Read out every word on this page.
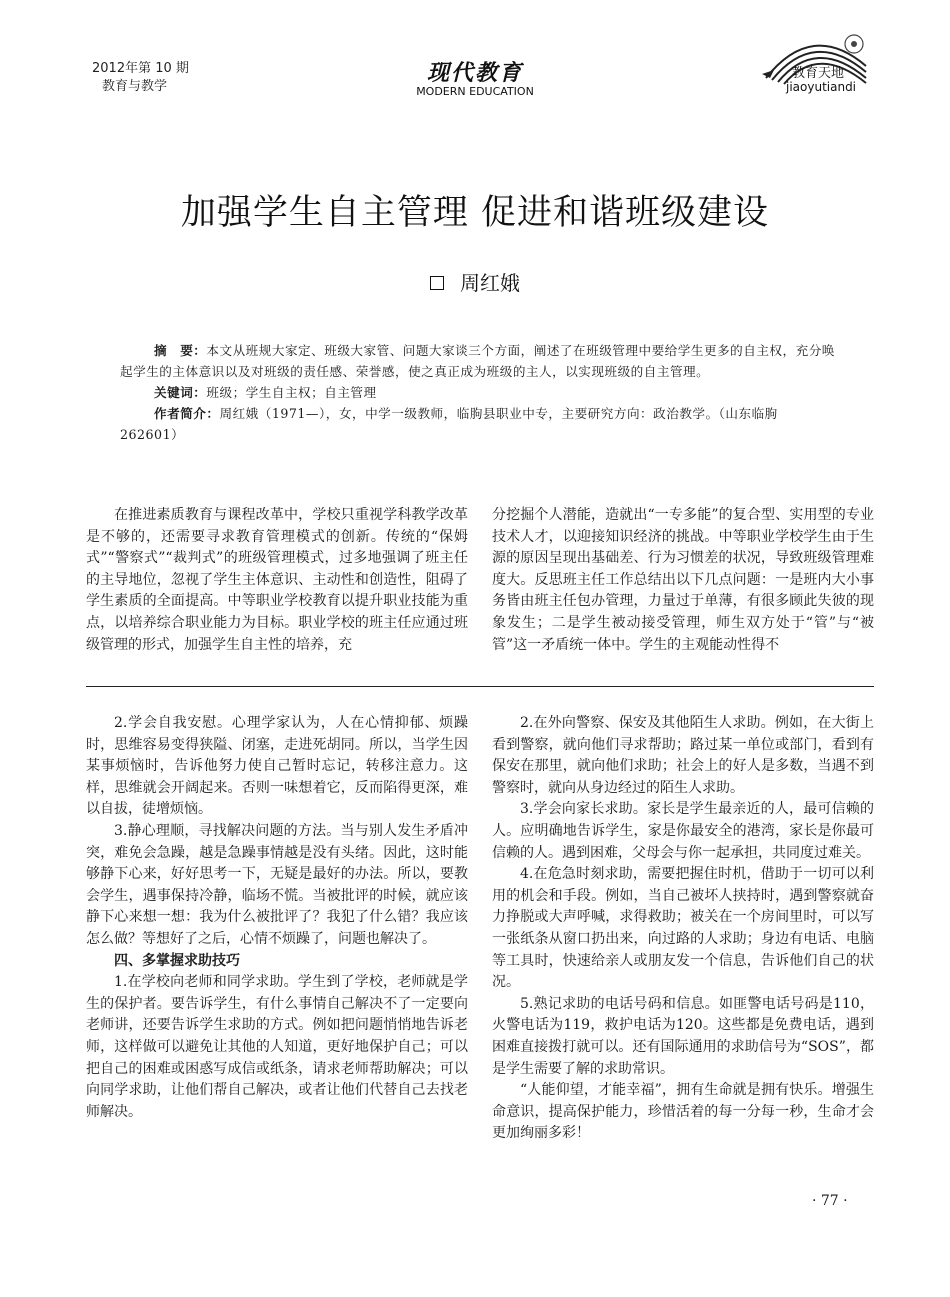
2012年第 10 期
教育与教学
现代教育
MODERN EDUCATION
教育天地
jiaoyutiandi
加强学生自主管理 促进和谐班级建设
周红娥

摘　要：本文从班规大家定、班级大家管、问题大家谈三个方面，阐述了在班级管理中要给学生更多的自主权，充分唤起学生的主体意识以及对班级的责任感、荣誉感，使之真正成为班级的主人，以实现班级的自主管理。

关键词：班级；学生自主权；自主管理

作者简介：周红娥（1971—），女，中学一级教师，临朐县职业中专，主要研究方向：政治教学。（山东临朐　262601）

在推进素质教育与课程改革中，学校只重视学科教学改革是不够的，还需要寻求教育管理模式的创新。传统的“保姆式”“警察式”“裁判式”的班级管理模式，过多地强调了班主任的主导地位，忽视了学生主体意识、主动性和创造性，阻碍了学生素质的全面提高。中等职业学校教育以提升职业技能为重点，以培养综合职业能力为目标。职业学校的班主任应通过班级管理的形式，加强学生自主性的培养，充

分挖掘个人潜能，造就出“一专多能”的复合型、实用型的专业技术人才，以迎接知识经济的挑战。中等职业学校学生由于生源的原因呈现出基础差、行为习惯差的状况，导致班级管理难度大。反思班主任工作总结出以下几点问题：一是班内大小事务皆由班主任包办管理，力量过于单薄，有很多顾此失彼的现象发生；二是学生被动接受管理，师生双方处于“管”与“被管”这一矛盾统一体中。学生的主观能动性得不

2.学会自我安慰。心理学家认为，人在心情抑郁、烦躁时，思维容易变得狭隘、闭塞，走进死胡同。所以，当学生因某事烦恼时，告诉他努力使自己暂时忘记，转移注意力。这样，思维就会开阔起来。否则一味想着它，反而陷得更深，难以自拔，徒增烦恼。

3.静心理顺，寻找解决问题的方法。当与别人发生矛盾冲突，难免会急躁，越是急躁事情越是没有头绪。因此，这时能够静下心来，好好思考一下，无疑是最好的办法。所以，要教会学生，遇事保持冷静，临场不慌。当被批评的时候，就应该静下心来想一想：我为什么被批评了？我犯了什么错？我应该怎么做？等想好了之后，心情不烦躁了，问题也解决了。

四、多掌握求助技巧

1.在学校向老师和同学求助。学生到了学校，老师就是学生的保护者。要告诉学生，有什么事情自己解决不了一定要向老师讲，还要告诉学生求助的方式。例如把问题悄悄地告诉老师，这样做可以避免让其他的人知道，更好地保护自己；可以把自己的困难或困惑写成信或纸条，请求老师帮助解决；可以向同学求助，让他们帮自己解决，或者让他们代替自己去找老师解决。

2.在外向警察、保安及其他陌生人求助。例如，在大街上看到警察，就向他们寻求帮助；路过某一单位或部门，看到有保安在那里，就向他们求助；社会上的好人是多数，当遇不到警察时，就向从身边经过的陌生人求助。

3.学会向家长求助。家长是学生最亲近的人，最可信赖的人。应明确地告诉学生，家是你最安全的港湾，家长是你最可信赖的人。遇到困难，父母会与你一起承担，共同度过难关。

4.在危急时刻求助，需要把握住时机，借助于一切可以利用的机会和手段。例如，当自己被坏人挟持时，遇到警察就奋力挣脱或大声呼喊，求得救助；被关在一个房间里时，可以写一张纸条从窗口扔出来，向过路的人求助；身边有电话、电脑等工具时，快速给亲人或朋友发一个信息，告诉他们自己的状况。

5.熟记求助的电话号码和信息。如匪警电话号码是110，火警电话为119，救护电话为120。这些都是免费电话，遇到困难直接拨打就可以。还有国际通用的求助信号为“SOS”，都是学生需要了解的求助常识。

“人能仰望，才能幸福”，拥有生命就是拥有快乐。增强生命意识，提高保护能力，珍惜活着的每一分每一秒，生命才会更加绚丽多彩！

· 77 ·
